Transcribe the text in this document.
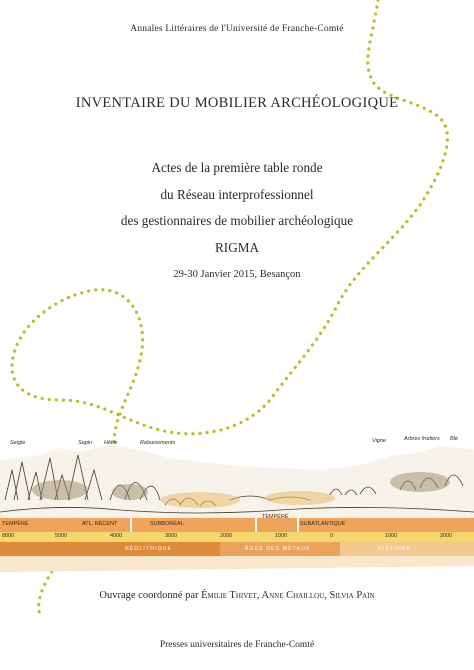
Annales Littéraires de l'Université de Franche-Comté
INVENTAIRE DU MOBILIER ARCHÉOLOGIQUE
Actes de la première table ronde
du Réseau interprofessionnel
des gestionnaires de mobilier archéologique
RIGMA
29-30 Janvier 2015, Besançon
TEMPÉRÉ	ATL. RÉCENT	SUBBORÉAL
TEMPÉRÉ
SUBATLANTIQUE
8000	5000	4000	3000	2000	1000	0	1000	2000
NÉOLITHIQUE	ÂGES DES MÉTAUX	HISTOIRE
Vigne	Arbres fruitiers Blé
Seigle	Reboisements
Sapin Hêtre
Ouvrage coordonné par Émilie Thivet, Anne Chaillou, Silvia Païn
Presses universitaires de Franche-Comté
